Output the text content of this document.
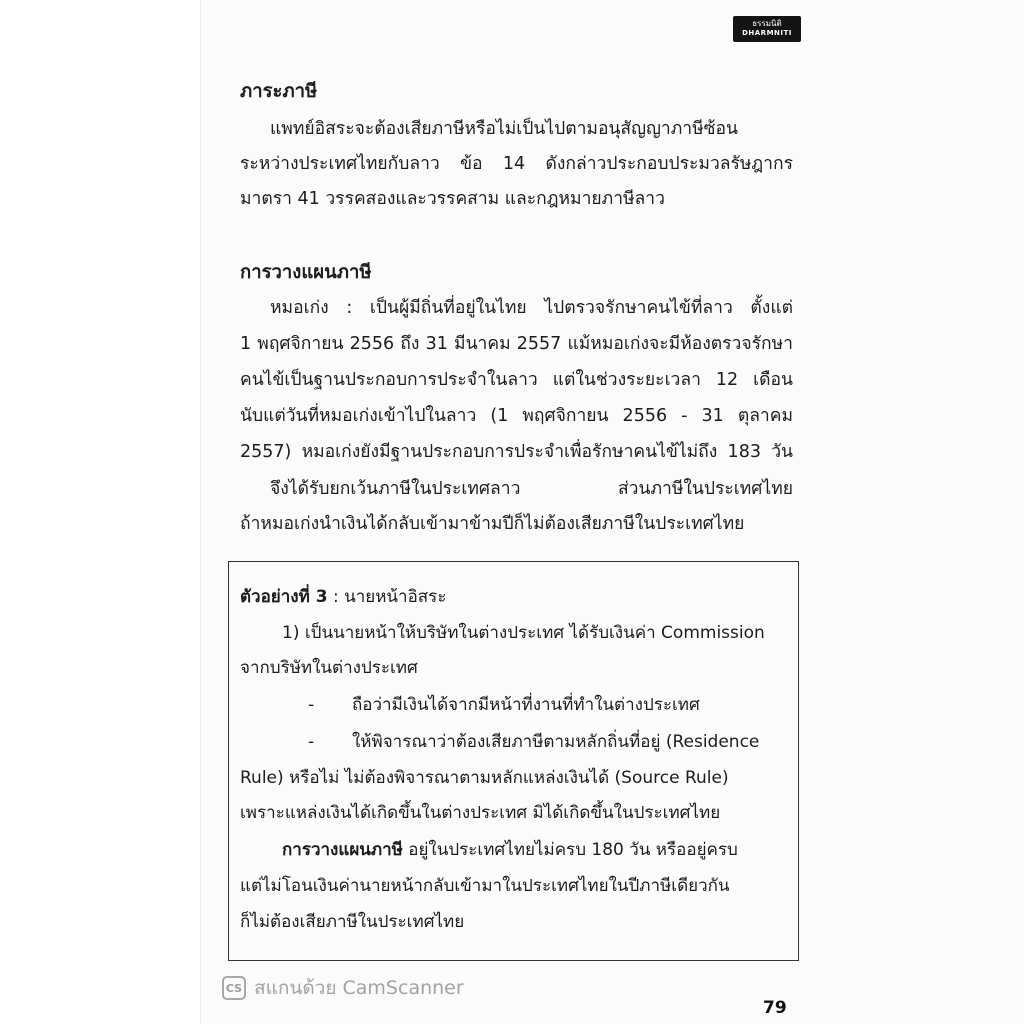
ธรรมนิติ
DHARMNITI
ภาระภาษี
แพทย์อิสระจะต้องเสียภาษีหรือไม่เป็นไปตามอนุสัญญาภาษีซ้อน
ระหว่างประเทศไทยกับลาว ข้อ 14 ดังกล่าวประกอบประมวลรัษฎากร
มาตรา 41 วรรคสองและวรรคสาม และกฎหมายภาษีลาว
การวางแผนภาษี
หมอเก่ง : เป็นผู้มีถิ่นที่อยู่ในไทย ไปตรวจรักษาคนไข้ที่ลาว ตั้งแต่
1 พฤศจิกายน 2556 ถึง 31 มีนาคม 2557 แม้หมอเก่งจะมีห้องตรวจรักษา
คนไข้เป็นฐานประกอบการประจำในลาว แต่ในช่วงระยะเวลา 12 เดือน
นับแต่วันที่หมอเก่งเข้าไปในลาว (1 พฤศจิกายน 2556 - 31 ตุลาคม
2557) หมอเก่งยังมีฐานประกอบการประจำเพื่อรักษาคนไข้ไม่ถึง 183 วัน
จึงได้รับยกเว้นภาษีในประเทศลาว ส่วนภาษีในประเทศไทย
ถ้าหมอเก่งนำเงินได้กลับเข้ามาข้ามปีก็ไม่ต้องเสียภาษีในประเทศไทย
ตัวอย่างที่ 3 : นายหน้าอิสระ
1) เป็นนายหน้าให้บริษัทในต่างประเทศ ได้รับเงินค่า Commission
จากบริษัทในต่างประเทศ
- ถือว่ามีเงินได้จากมีหน้าที่งานที่ทำในต่างประเทศ
- ให้พิจารณาว่าต้องเสียภาษีตามหลักถิ่นที่อยู่ (Residence
Rule) หรือไม่ ไม่ต้องพิจารณาตามหลักแหล่งเงินได้ (Source Rule)
เพราะแหล่งเงินได้เกิดขึ้นในต่างประเทศ มิได้เกิดขึ้นในประเทศไทย
การวางแผนภาษี อยู่ในประเทศไทยไม่ครบ 180 วัน หรืออยู่ครบ
แต่ไม่โอนเงินค่านายหน้ากลับเข้ามาในประเทศไทยในปีภาษีเดียวกัน
ก็ไม่ต้องเสียภาษีในประเทศไทย
CS สแกนด้วย CamScanner
79
